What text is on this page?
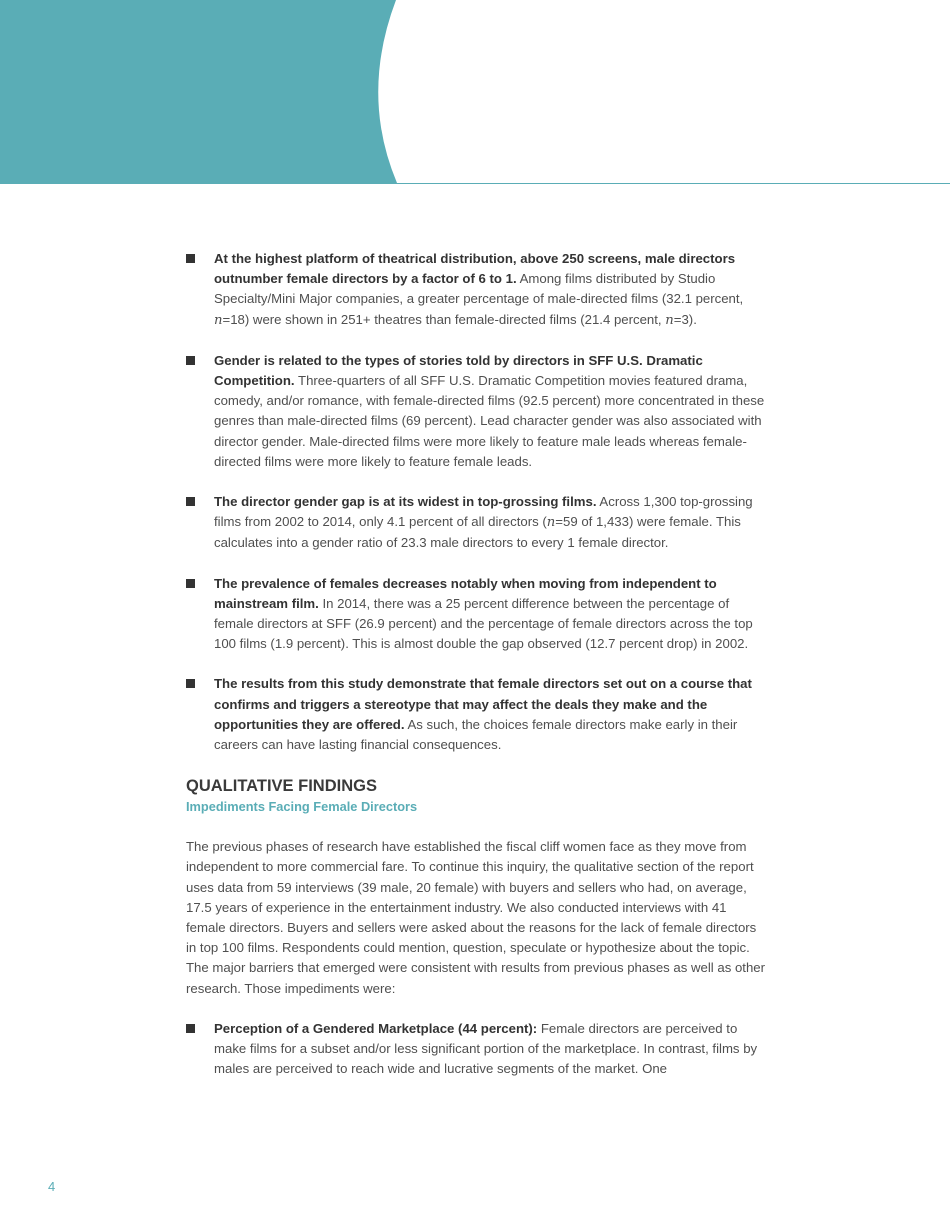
At the highest platform of theatrical distribution, above 250 screens, male directors outnumber female directors by a factor of 6 to 1. Among films distributed by Studio Specialty/Mini Major companies, a greater percentage of male-directed films (32.1 percent, n=18) were shown in 251+ theatres than female-directed films (21.4 percent, n=3).
Gender is related to the types of stories told by directors in SFF U.S. Dramatic Competition. Three-quarters of all SFF U.S. Dramatic Competition movies featured drama, comedy, and/or romance, with female-directed films (92.5 percent) more concentrated in these genres than male-directed films (69 percent). Lead character gender was also associated with director gender. Male-directed films were more likely to feature male leads whereas female-directed films were more likely to feature female leads.
The director gender gap is at its widest in top-grossing films. Across 1,300 top-grossing films from 2002 to 2014, only 4.1 percent of all directors (n=59 of 1,433) were female. This calculates into a gender ratio of 23.3 male directors to every 1 female director.
The prevalence of females decreases notably when moving from independent to mainstream film. In 2014, there was a 25 percent difference between the percentage of female directors at SFF (26.9 percent) and the percentage of female directors across the top 100 films (1.9 percent). This is almost double the gap observed (12.7 percent drop) in 2002.
The results from this study demonstrate that female directors set out on a course that confirms and triggers a stereotype that may affect the deals they make and the opportunities they are offered. As such, the choices female directors make early in their careers can have lasting financial consequences.
QUALITATIVE FINDINGS
Impediments Facing Female Directors

The previous phases of research have established the fiscal cliff women face as they move from independent to more commercial fare. To continue this inquiry, the qualitative section of the report uses data from 59 interviews (39 male, 20 female) with buyers and sellers who had, on average, 17.5 years of experience in the entertainment industry. We also conducted interviews with 41 female directors. Buyers and sellers were asked about the reasons for the lack of female directors in top 100 films. Respondents could mention, question, speculate or hypothesize about the topic. The major barriers that emerged were consistent with results from previous phases as well as other research. Those impediments were:

Perception of a Gendered Marketplace (44 percent): Female directors are perceived to make films for a subset and/or less significant portion of the marketplace. In contrast, films by males are perceived to reach wide and lucrative segments of the market. One
4
